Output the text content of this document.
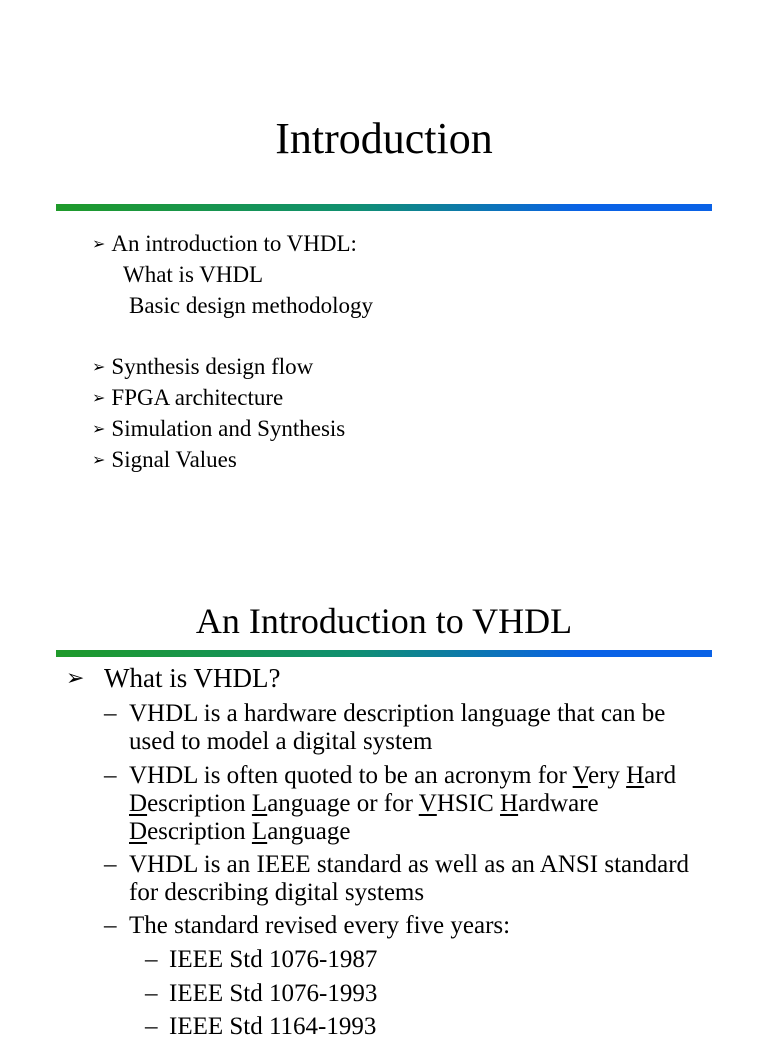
Introduction
➢ An introduction to VHDL:
What is VHDL
Basic design methodology
➢ Synthesis design flow
➢ FPGA architecture
➢ Simulation and Synthesis
➢ Signal Values
An Introduction to VHDL
➢ What is VHDL?
– VHDL is a hardware description language that can be
used to model a digital system
– VHDL is often quoted to be an acronym for Very Hard
Description Language or for VHSIC Hardware
Description Language
– VHDL is an IEEE standard as well as an ANSI standard
for describing digital systems
– The standard revised every five years:
– IEEE Std 1076-1987
– IEEE Std 1076-1993
– IEEE Std 1164-1993
